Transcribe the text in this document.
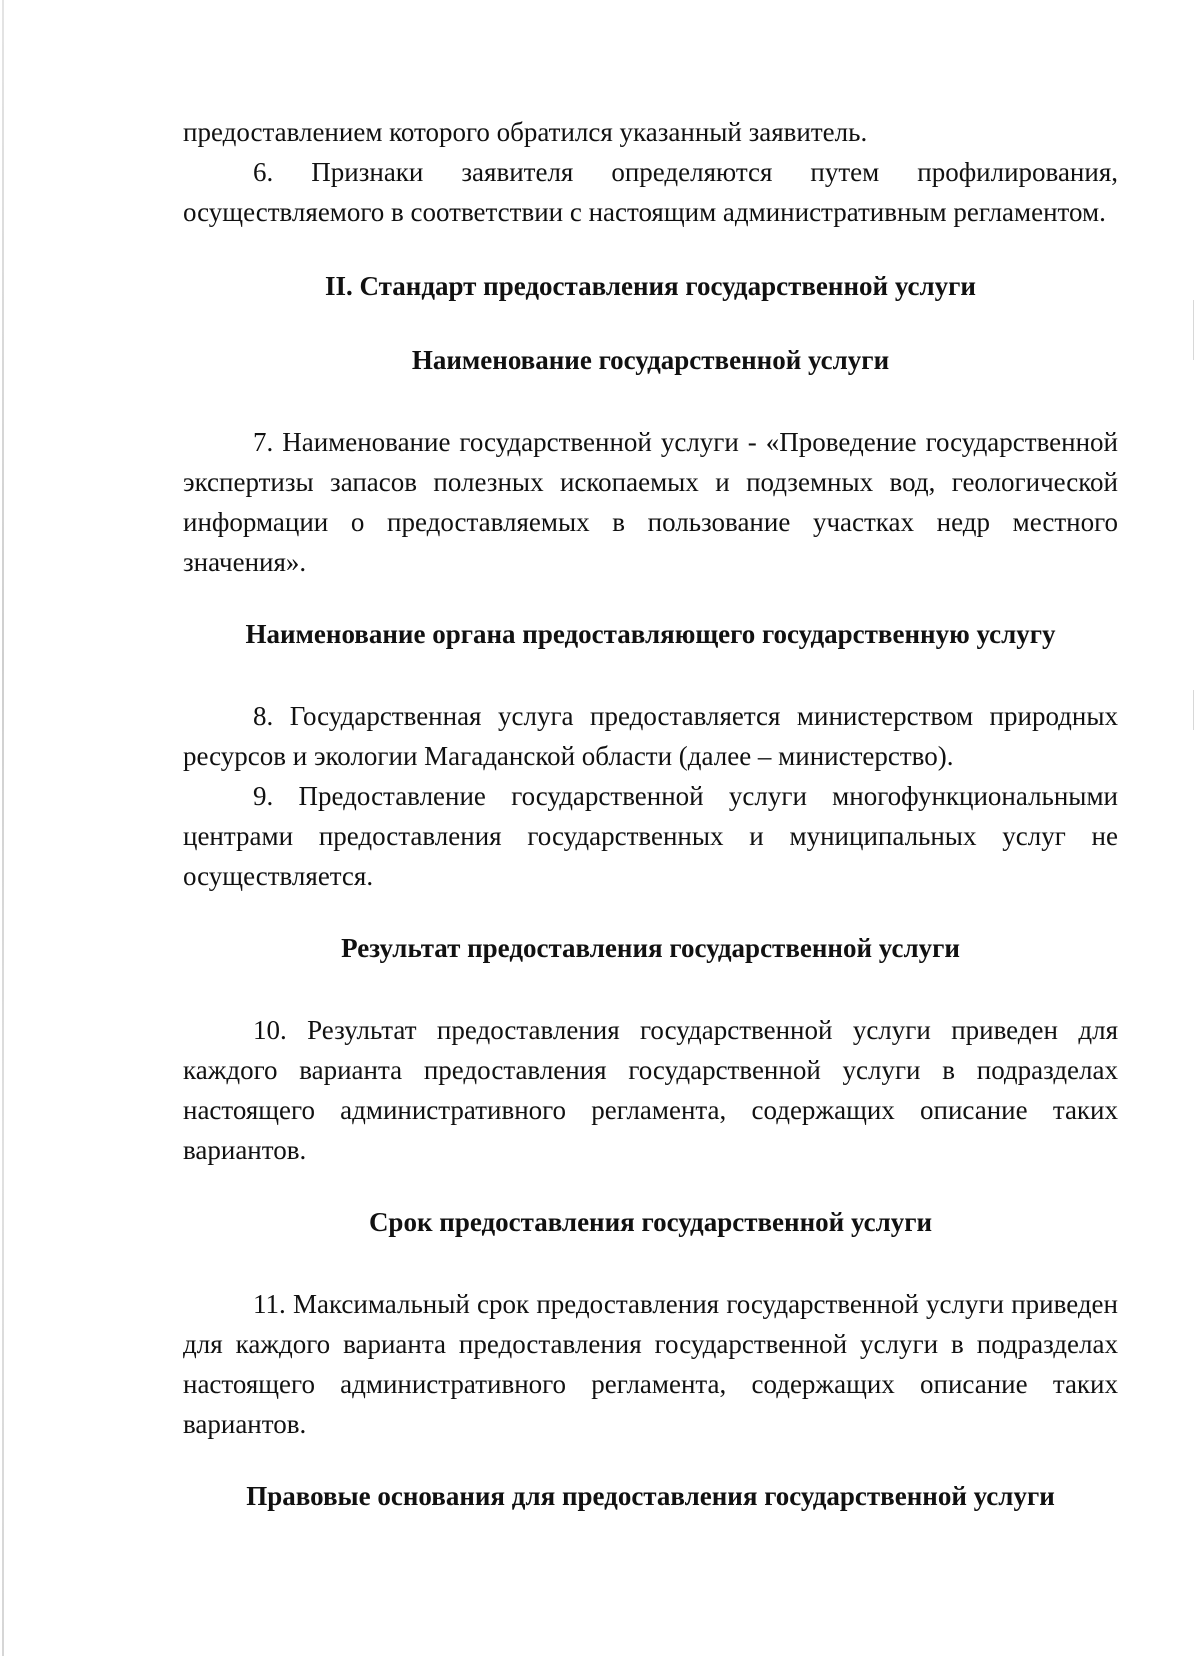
предоставлением которого обратился указанный заявитель.

6. Признаки заявителя определяются путем профилирования, осуществляемого в соответствии с настоящим административным регламентом.

II. Стандарт предоставления государственной услуги
Наименование государственной услуги

7. Наименование государственной услуги - «Проведение государственной экспертизы запасов полезных ископаемых и подземных вод, геологической информации о предоставляемых в пользование участках недр местного значения».

Наименование органа предоставляющего государственную услугу

8. Государственная услуга предоставляется министерством природных ресурсов и экологии Магаданской области (далее – министерство).

9. Предоставление государственной услуги многофункциональными центрами предоставления государственных и муниципальных услуг не осуществляется.

Результат предоставления государственной услуги

10. Результат предоставления государственной услуги приведен для каждого варианта предоставления государственной услуги в подразделах настоящего административного регламента, содержащих описание таких вариантов.

Срок предоставления государственной услуги

11. Максимальный срок предоставления государственной услуги приведен для каждого варианта предоставления государственной услуги в подразделах настоящего административного регламента, содержащих описание таких вариантов.

Правовые основания для предоставления государственной услуги
